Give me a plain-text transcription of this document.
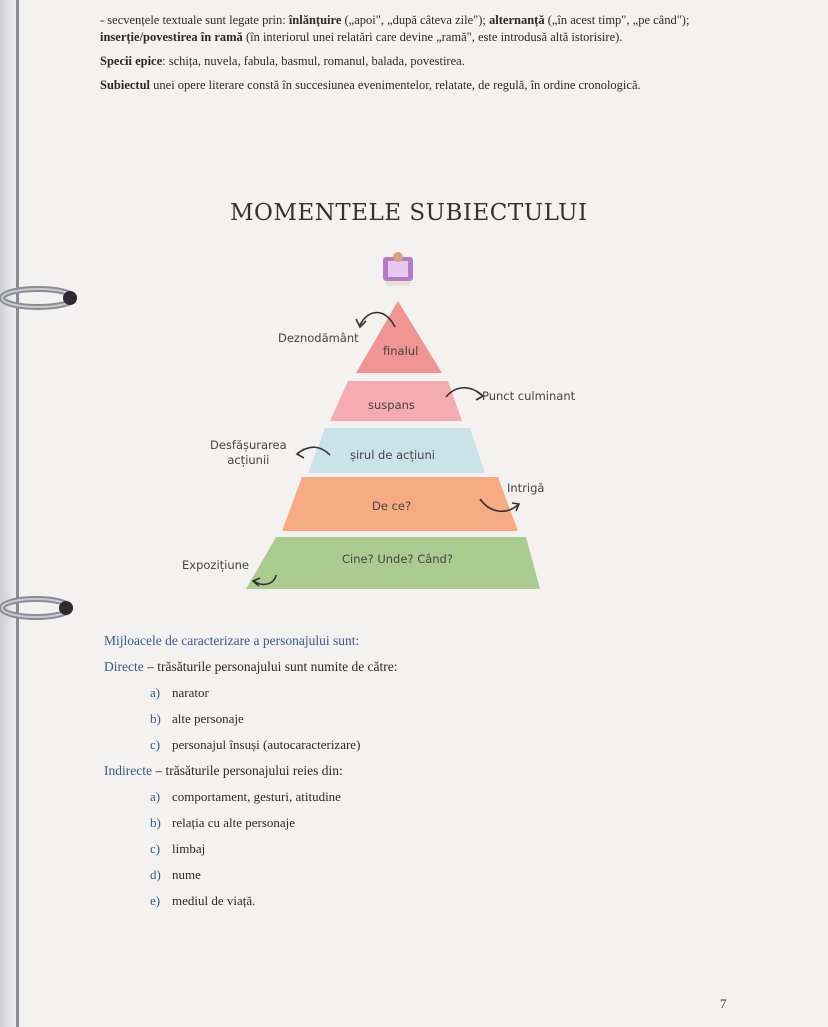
- secvențele textuale sunt legate prin: înlănțuire („apoi", „după câteva zile"); alternanță („în acest timp", „pe când"); inserție/povestirea în ramă (în interiorul unei relatări care devine „ramă", este introdusă altă istorisire).

Specii epice: schița, nuvela, fabula, basmul, romanul, balada, povestirea.

Subiectul unei opere literare constă în succesiunea evenimentelor, relatate, de regulă, în ordine cronologică.

MOMENTELE SUBIECTULUI
finalul
suspans
șirul de acțiuni
De ce?
Cine? Unde? Când?
Deznodământ
Punct culminant
Desfășurarea
acțiunii
Intrigă
Expozițiune
Mijloacele de caracterizare a personajului sunt:
Directe – trăsăturile personajului sunt numite de către:
a) narator
b) alte personaje
c) personajul însuși (autocaracterizare)
Indirecte – trăsăturile personajului reies din:
a) comportament, gesturi, atitudine
b) relația cu alte personaje
c) limbaj
d) nume
e) mediul de viață.
7
